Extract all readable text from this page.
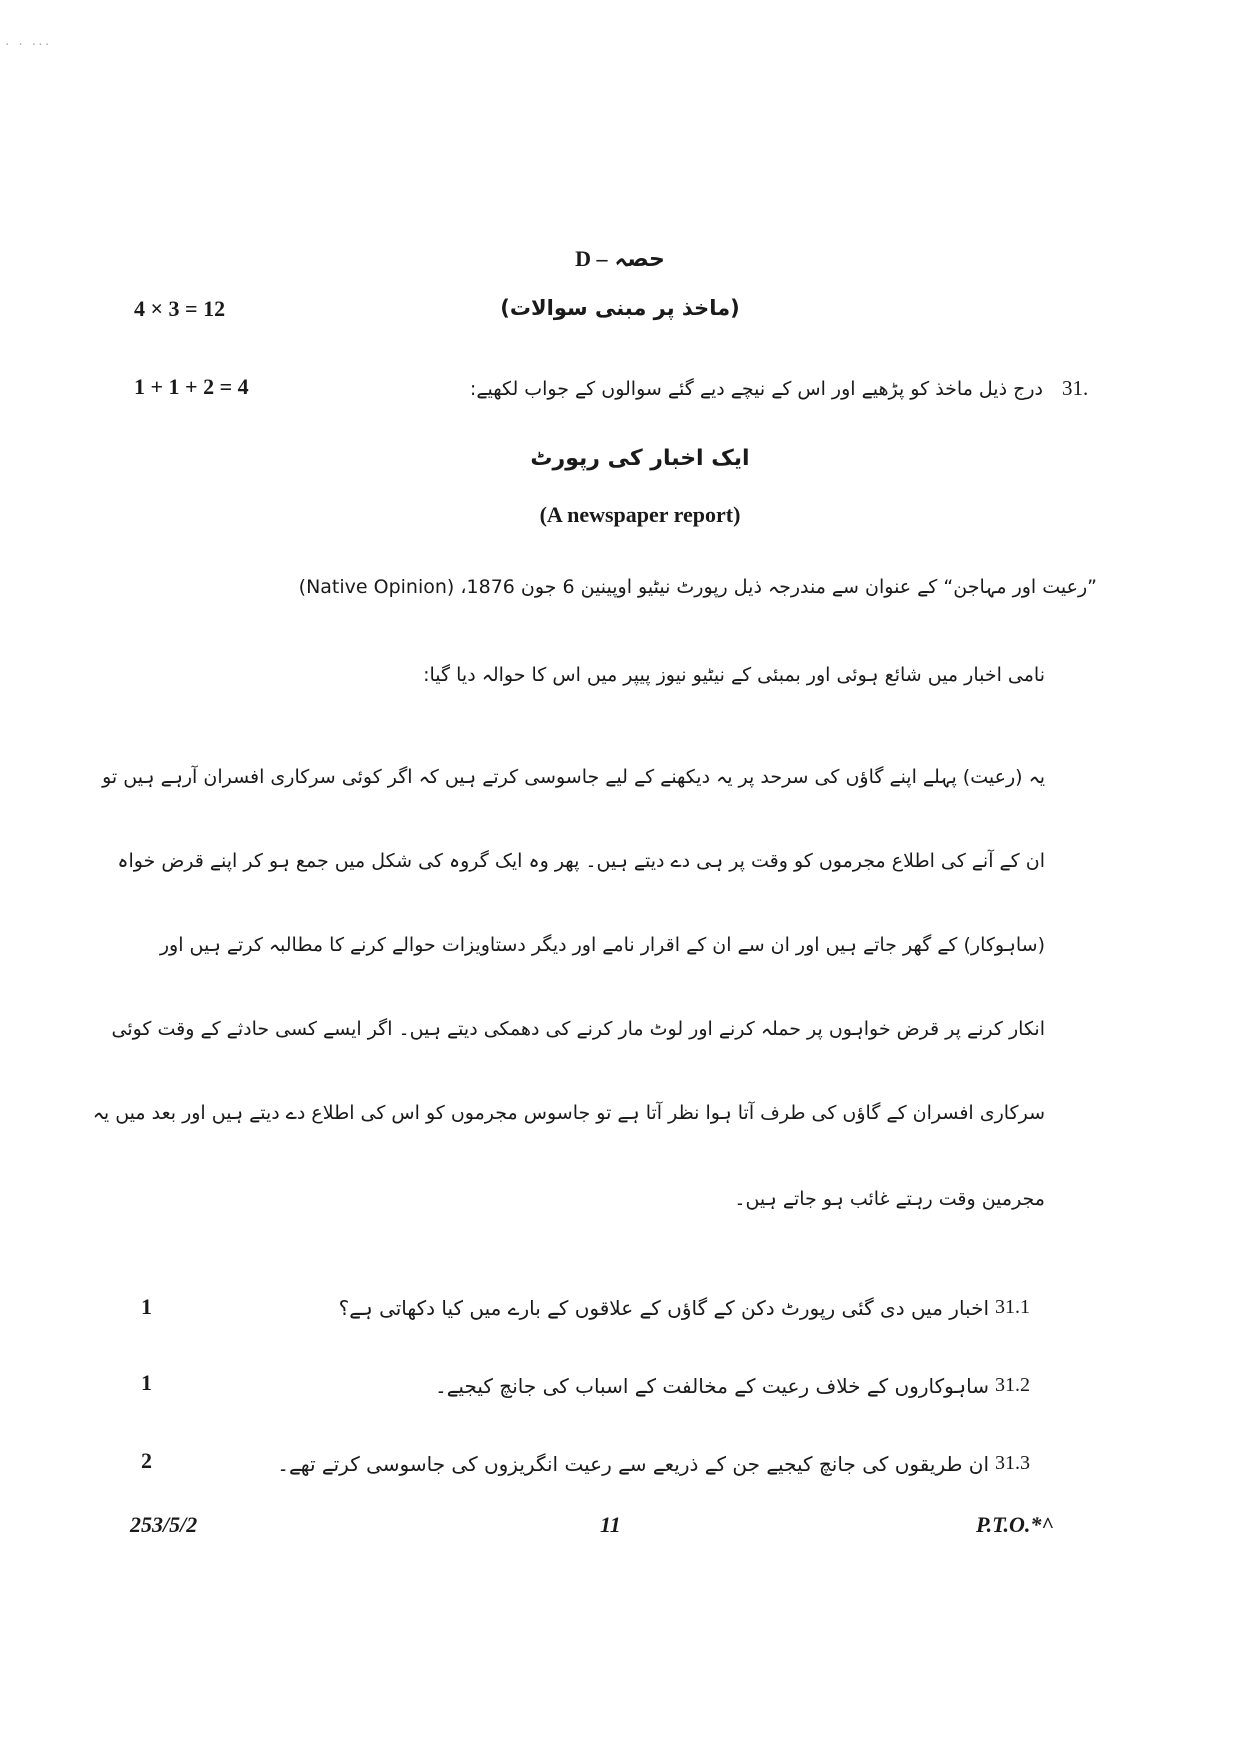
· · ···
D – حصہ
(ماخذ پر مبنی سوالات)
4 × 3 = 12
1 + 1 + 2 = 4	درج ذیل ماخذ کو پڑھیے اور اس کے نیچے دیے گئے سوالوں کے جواب لکھیے: 31.
ایک اخبار کی رپورٹ
(A newspaper report)
”رعیت اور مہاجن“ کے عنوان سے مندرجہ ذیل رپورٹ نیٹیو اوپینین 6 جون 1876، (Native Opinion)
نامی اخبار میں شائع ہوئی اور بمبئی کے نیٹیو نیوز پیپر میں اس کا حوالہ دیا گیا:
یہ (رعیت) پہلے اپنے گاؤں کی سرحد پر یہ دیکھنے کے لیے جاسوسی کرتے ہیں کہ اگر کوئی سرکاری افسران آرہے ہیں تو
ان کے آنے کی اطلاع مجرموں کو وقت پر ہی دے دیتے ہیں۔ پھر وہ ایک گروہ کی شکل میں جمع ہو کر اپنے قرض خواہ
(ساہوکار) کے گھر جاتے ہیں اور ان سے ان کے اقرار نامے اور دیگر دستاویزات حوالے کرنے کا مطالبہ کرتے ہیں اور
انکار کرنے پر قرض خواہوں پر حملہ کرنے اور لوٹ مار کرنے کی دھمکی دیتے ہیں۔ اگر ایسے کسی حادثے کے وقت کوئی
سرکاری افسران کے گاؤں کی طرف آتا ہوا نظر آتا ہے تو جاسوس مجرموں کو اس کی اطلاع دے دیتے ہیں اور بعد میں یہ
مجرمین وقت رہتے غائب ہو جاتے ہیں۔
1	اخبار میں دی گئی رپورٹ دکن کے گاؤں کے علاقوں کے بارے میں کیا دکھاتی ہے؟ 31.1
1	ساہوکاروں کے خلاف رعیت کے مخالفت کے اسباب کی جانچ کیجیے۔ 31.2
2	ان طریقوں کی جانچ کیجیے جن کے ذریعے سے رعیت انگریزوں کی جاسوسی کرتے تھے۔ 31.3
253/5/2	11	P.T.O.*^
